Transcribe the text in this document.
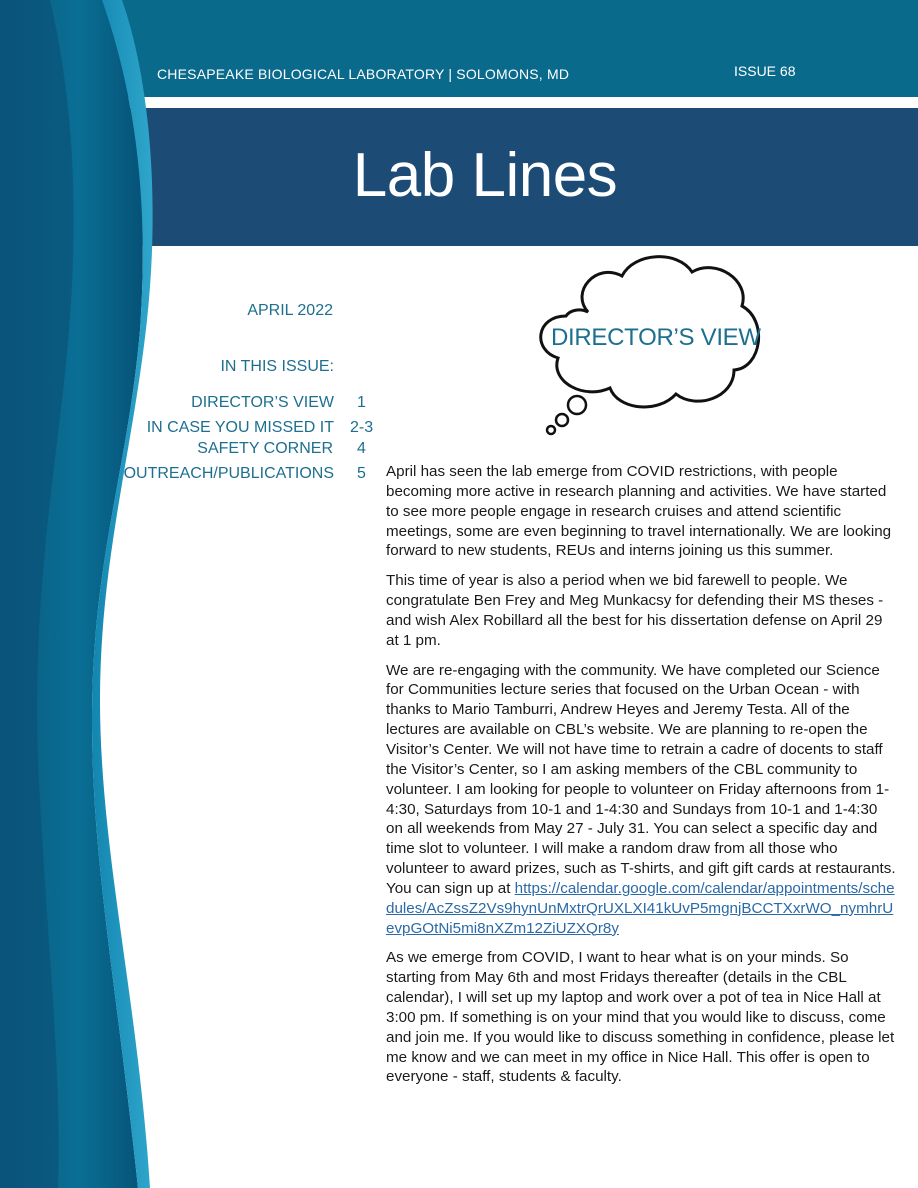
CHESAPEAKE BIOLOGICAL LABORATORY | SOLOMONS, MD	ISSUE 68
Lab Lines
APRIL 2022
IN THIS ISSUE:
DIRECTOR’S VIEW 1
IN CASE YOU MISSED IT 2-3
SAFETY CORNER 4
OUTREACH/PUBLICATIONS 5
DIRECTOR’S VIEW

April has seen the lab emerge from COVID restrictions, with people becoming more active in research planning and activities. We have started to see more people engage in research cruises and attend scientific meetings, some are even beginning to travel internationally. We are looking forward to new students, REUs and interns joining us this summer.

This time of year is also a period when we bid farewell to people. We congratulate Ben Frey and Meg Munkacsy for defending their MS theses - and wish Alex Robillard all the best for his dissertation defense on April 29 at 1 pm.

We are re-engaging with the community. We have completed our Science for Communities lecture series that focused on the Urban Ocean - with thanks to Mario Tamburri, Andrew Heyes and Jeremy Testa. All of the lectures are available on CBL’s website. We are planning to re-open the Visitor’s Center. We will not have time to retrain a cadre of docents to staff the Visitor’s Center, so I am asking members of the CBL community to volunteer. I am looking for people to volunteer on Friday afternoons from 1-4:30, Saturdays from 10-1 and 1-4:30 and Sundays from 10-1 and 1-4:30 on all weekends from May 27 - July 31. You can select a specific day and time slot to volunteer. I will make a random draw from all those who volunteer to award prizes, such as T-shirts, and gift gift cards at restaurants. You can sign up at https://calendar.google.com/calendar/appointments/schedules/AcZssZ2Vs9hynUnMxtrQrUXLXI41kUvP5mgnjBCCTXxrWO_nymhrUevpGOtNi5mi8nXZm12ZiUZXQr8y

As we emerge from COVID, I want to hear what is on your minds. So starting from May 6th and most Fridays thereafter (details in the CBL calendar), I will set up my laptop and work over a pot of tea in Nice Hall at 3:00 pm. If something is on your mind that you would like to discuss, come and join me. If you would like to discuss something in confidence, please let me know and we can meet in my office in Nice Hall. This offer is open to everyone - staff, students & faculty.
